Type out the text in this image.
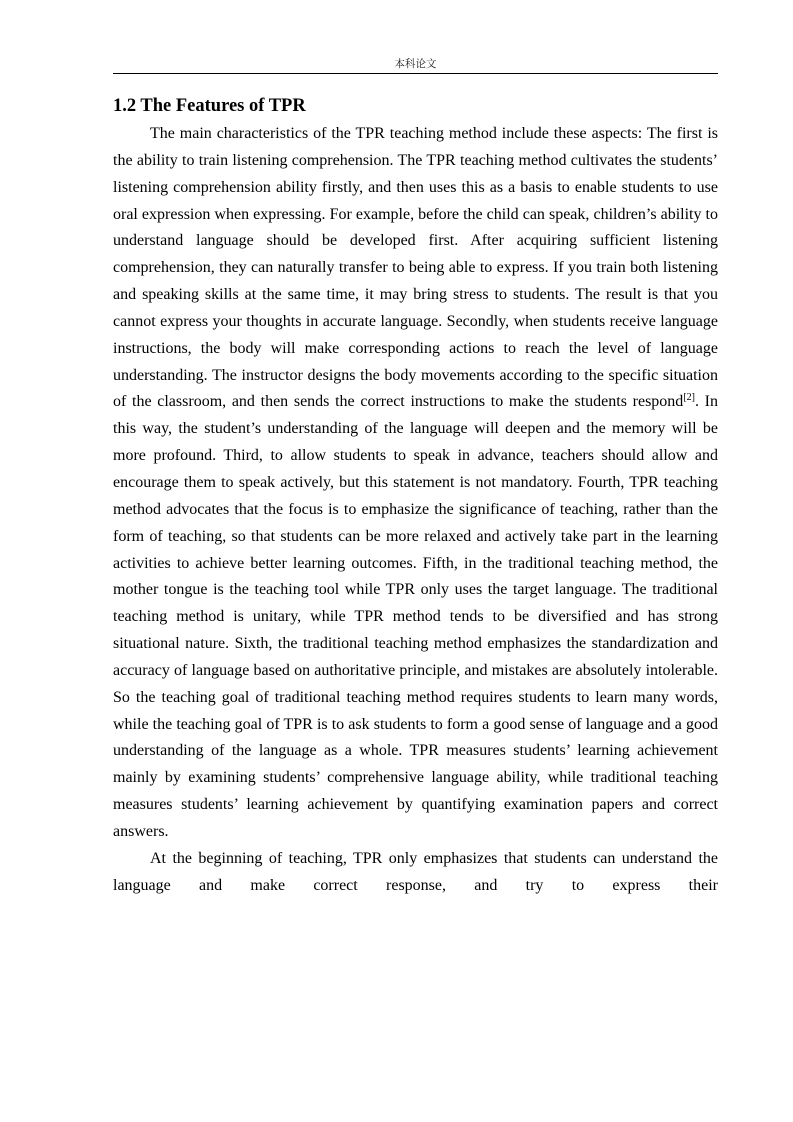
本科论文
1.2 The Features of TPR

The main characteristics of the TPR teaching method include these aspects: The first is the ability to train listening comprehension. The TPR teaching method cultivates the students’ listening comprehension ability firstly, and then uses this as a basis to enable students to use oral expression when expressing. For example, before the child can speak, children’s ability to understand language should be developed first. After acquiring sufficient listening comprehension, they can naturally transfer to being able to express. If you train both listening and speaking skills at the same time, it may bring stress to students. The result is that you cannot express your thoughts in accurate language. Secondly, when students receive language instructions, the body will make corresponding actions to reach the level of language understanding. The instructor designs the body movements according to the specific situation of the classroom, and then sends the correct instructions to make the students respond[2]. In this way, the student’s understanding of the language will deepen and the memory will be more profound. Third, to allow students to speak in advance, teachers should allow and encourage them to speak actively, but this statement is not mandatory. Fourth, TPR teaching method advocates that the focus is to emphasize the significance of teaching, rather than the form of teaching, so that students can be more relaxed and actively take part in the learning activities to achieve better learning outcomes. Fifth, in the traditional teaching method, the mother tongue is the teaching tool while TPR only uses the target language. The traditional teaching method is unitary, while TPR method tends to be diversified and has strong situational nature. Sixth, the traditional teaching method emphasizes the standardization and accuracy of language based on authoritative principle, and mistakes are absolutely intolerable. So the teaching goal of traditional teaching method requires students to learn many words, while the teaching goal of TPR is to ask students to form a good sense of language and a good understanding of the language as a whole. TPR measures students’ learning achievement mainly by examining students’ comprehensive language ability, while traditional teaching measures students’ learning achievement by quantifying examination papers and correct answers.

At the beginning of teaching, TPR only emphasizes that students can understand the language and make correct response, and try to express their
